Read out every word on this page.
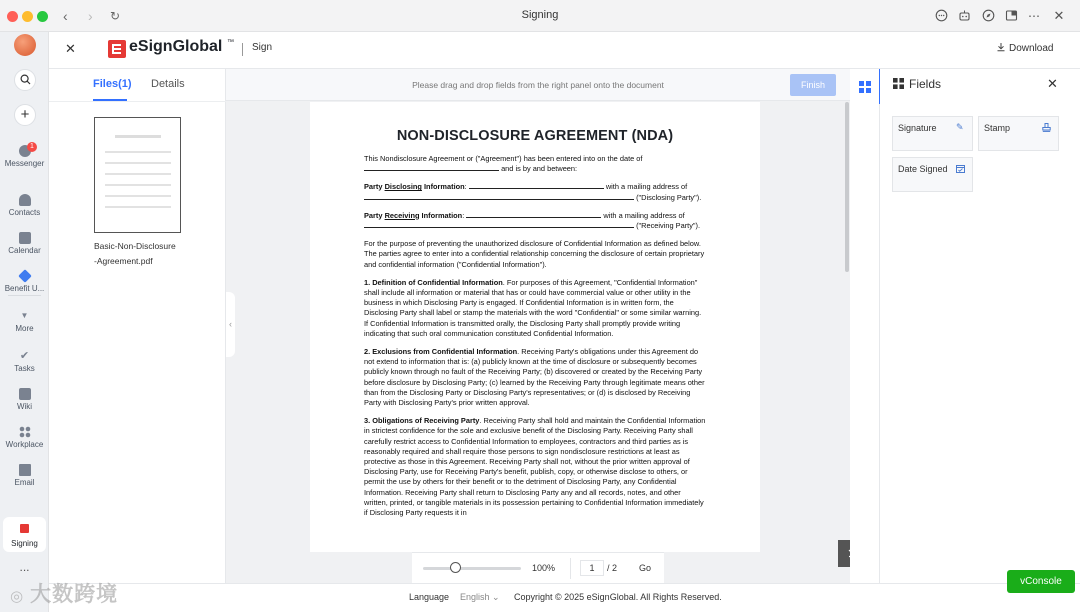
‹ › ↻	Signing	⋯ ✕
+
1
Messenger
Contacts
Calendar
Benefit U...
▼
More
✔
Tasks
Wiki
Workplace
Email
Signing
...
✕	eSignGlobal ™ Sign	Download
Files(1) Details
Basic-Non-Disclosure
-Agreement.pdf
Please drag and drop fields from the right panel onto the document	Finish
‹
NON-DISCLOSURE AGREEMENT (NDA)

This Nondisclosure Agreement or ("Agreement") has been entered into on the date of
and is by and between:

Party Disclosing Information:	with a mailing address of
("Disclosing Party").

Party Receiving Information:	with a mailing address of
("Receiving Party").

For the purpose of preventing the unauthorized disclosure of Confidential Information as defined below. The parties agree to enter into a confidential relationship concerning the disclosure of certain proprietary and confidential information ("Confidential Information").

1. Definition of Confidential Information. For purposes of this Agreement, "Confidential Information" shall include all information or material that has or could have commercial value or other utility in the business in which Disclosing Party is engaged. If Confidential Information is in written form, the Disclosing Party shall label or stamp the materials with the word "Confidential" or some similar warning. If Confidential Information is transmitted orally, the Disclosing Party shall promptly provide writing indicating that such oral communication constituted Confidential Information.

2. Exclusions from Confidential Information. Receiving Party's obligations under this Agreement do not extend to information that is: (a) publicly known at the time of disclosure or subsequently becomes publicly known through no fault of the Receiving Party; (b) discovered or created by the Receiving Party before disclosure by Disclosing Party; (c) learned by the Receiving Party through legitimate means other than from the Disclosing Party or Disclosing Party's representatives; or (d) is disclosed by Receiving Party with Disclosing Party's prior written approval.

3. Obligations of Receiving Party. Receiving Party shall hold and maintain the Confidential Information in strictest confidence for the sole and exclusive benefit of the Disclosing Party. Receiving Party shall carefully restrict access to Confidential Information to employees, contractors and third parties as is reasonably required and shall require those persons to sign nondisclosure restrictions at least as protective as those in this Agreement. Receiving Party shall not, without the prior written approval of Disclosing Party, use for Receiving Party's benefit, publish, copy, or otherwise disclose to others, or permit the use by others for their benefit or to the detriment of Disclosing Party, any Confidential Information. Receiving Party shall return to Disclosing Party any and all records, notes, and other written, printed, or tangible materials in its possession pertaining to Confidential Information immediately if Disclosing Party requests it in

100%	1	/ 2 Go
Fields	✕
Signature ✎	Stamp
Date Signed
Language English ⌄ Copyright © 2025 eSignGlobal. All Rights Reserved.
vConsole
◎ 大数跨境
